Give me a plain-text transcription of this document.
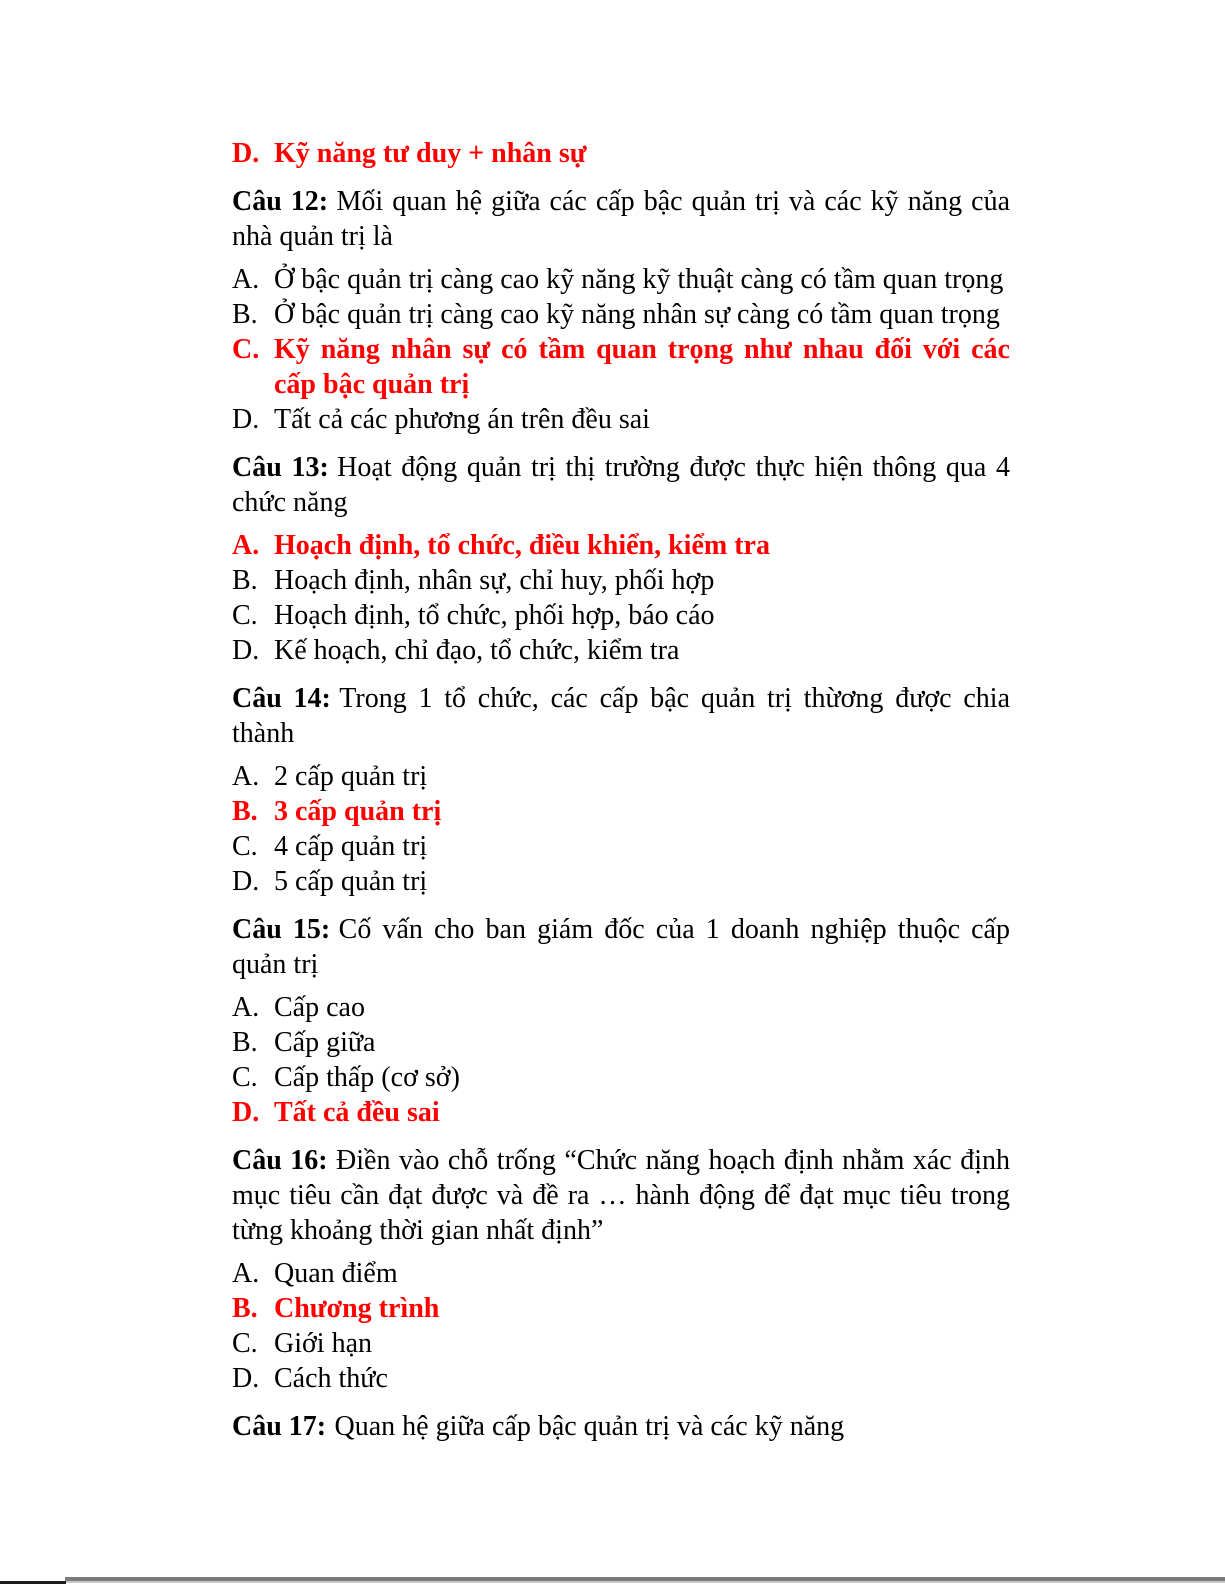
D. Kỹ năng tư duy + nhân sự

Câu 12: Mối quan hệ giữa các cấp bậc quản trị và các kỹ năng của nhà quản trị là

A. Ở bậc quản trị càng cao kỹ năng kỹ thuật càng có tầm quan trọng
B. Ở bậc quản trị càng cao kỹ năng nhân sự càng có tầm quan trọng
C. Kỹ năng nhân sự có tầm quan trọng như nhau đối với các cấp bậc quản trị
D. Tất cả các phương án trên đều sai

Câu 13: Hoạt động quản trị thị trường được thực hiện thông qua 4 chức năng

A. Hoạch định, tổ chức, điều khiển, kiểm tra
B. Hoạch định, nhân sự, chỉ huy, phối hợp
C. Hoạch định, tổ chức, phối hợp, báo cáo
D. Kế hoạch, chỉ đạo, tổ chức, kiểm tra

Câu 14: Trong 1 tổ chức, các cấp bậc quản trị thừơng được chia thành

A. 2 cấp quản trị
B. 3 cấp quản trị
C. 4 cấp quản trị
D. 5 cấp quản trị

Câu 15: Cố vấn cho ban giám đốc của 1 doanh nghiệp thuộc cấp quản trị

A. Cấp cao
B. Cấp giữa
C. Cấp thấp (cơ sở)
D. Tất cả đều sai

Câu 16: Điền vào chỗ trống “Chức năng hoạch định nhằm xác định mục tiêu cần đạt được và đề ra … hành động để đạt mục tiêu trong từng khoảng thời gian nhất định”

A. Quan điểm
B. Chương trình
C. Giới hạn
D. Cách thức

Câu 17: Quan hệ giữa cấp bậc quản trị và các kỹ năng
